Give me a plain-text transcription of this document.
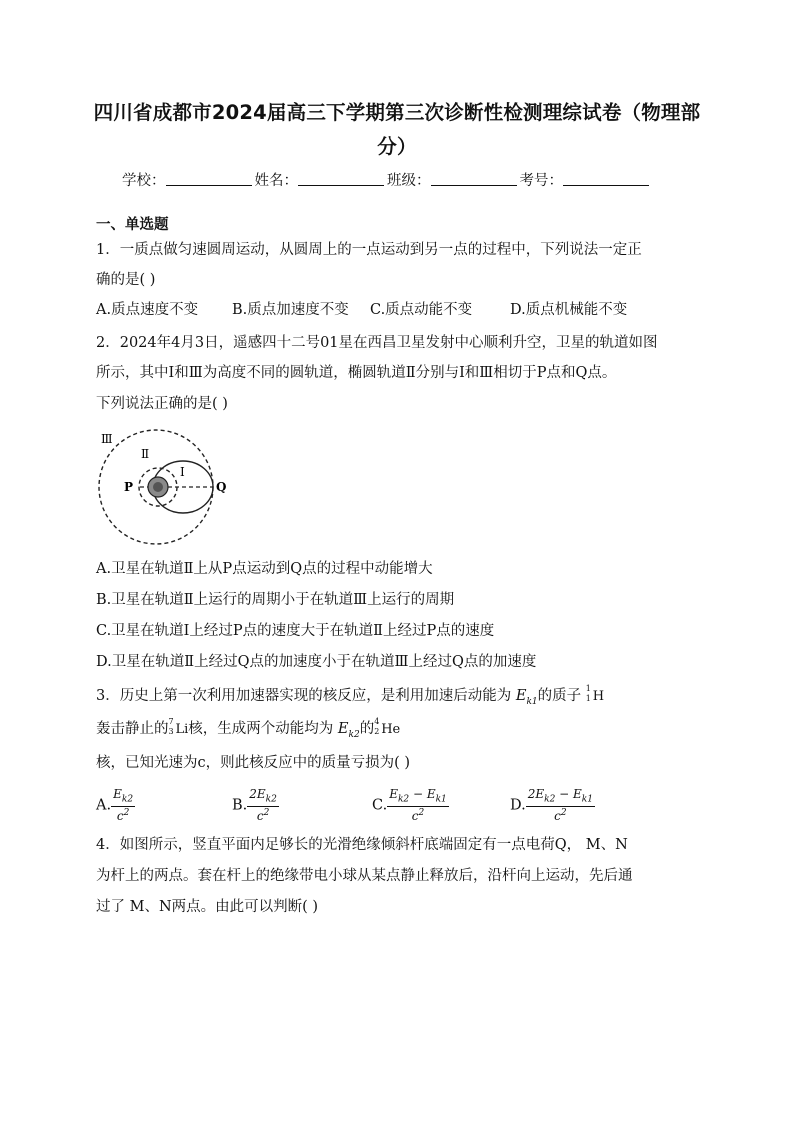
四川省成都市2024届高三下学期第三次诊断性检测理综试卷（物理部
分）
学校：	姓名：	班级：	考号：
一、单选题
1．一质点做匀速圆周运动，从圆周上的一点运动到另一点的过程中，下列说法一定正
确的是( )
A.质点速度不变 B.质点加速度不变 C.质点动能不变	D.质点机械能不变
2．2024年4月3日，遥感四十二号01星在西昌卫星发射中心顺利升空，卫星的轨道如图
所示，其中Ⅰ和Ⅲ为高度不同的圆轨道，椭圆轨道Ⅱ分别与Ⅰ和Ⅲ相切于P点和Q点。
下列说法正确的是( )
Ⅲ
Ⅱ
I
P	Q
A.卫星在轨道Ⅱ上从P点运动到Q点的过程中动能增大
B.卫星在轨道Ⅱ上运行的周期小于在轨道Ⅲ上运行的周期
C.卫星在轨道Ⅰ上经过P点的速度大于在轨道Ⅱ上经过P点的速度
D.卫星在轨道Ⅱ上经过Q点的加速度小于在轨道Ⅲ上经过Q点的加速度
3．历史上第一次利用加速器实现的核反应，是利用加速后动能为 $E_{k1}$的质子 1
1 H
轰击静止的 7
3 Li核，生成两个动能均为 $E_{k2}$的 4
2 He
核，已知光速为c，则此核反应中的质量亏损为( )
A. $\frac{E_{k2}}{c^2}$	B. $\frac{2E_{k2}}{c^2}$	C. $\frac{E_{k2} - E_{k1}}{c^2}$	D. $\frac{2E_{k2} - E_{k1}}{c^2}$
4．如图所示，竖直平面内足够长的光滑绝缘倾斜杆底端固定有一点电荷Q， M、N
为杆上的两点。套在杆上的绝缘带电小球从某点静止释放后，沿杆向上运动，先后通
过了 M、N两点。由此可以判断( )
